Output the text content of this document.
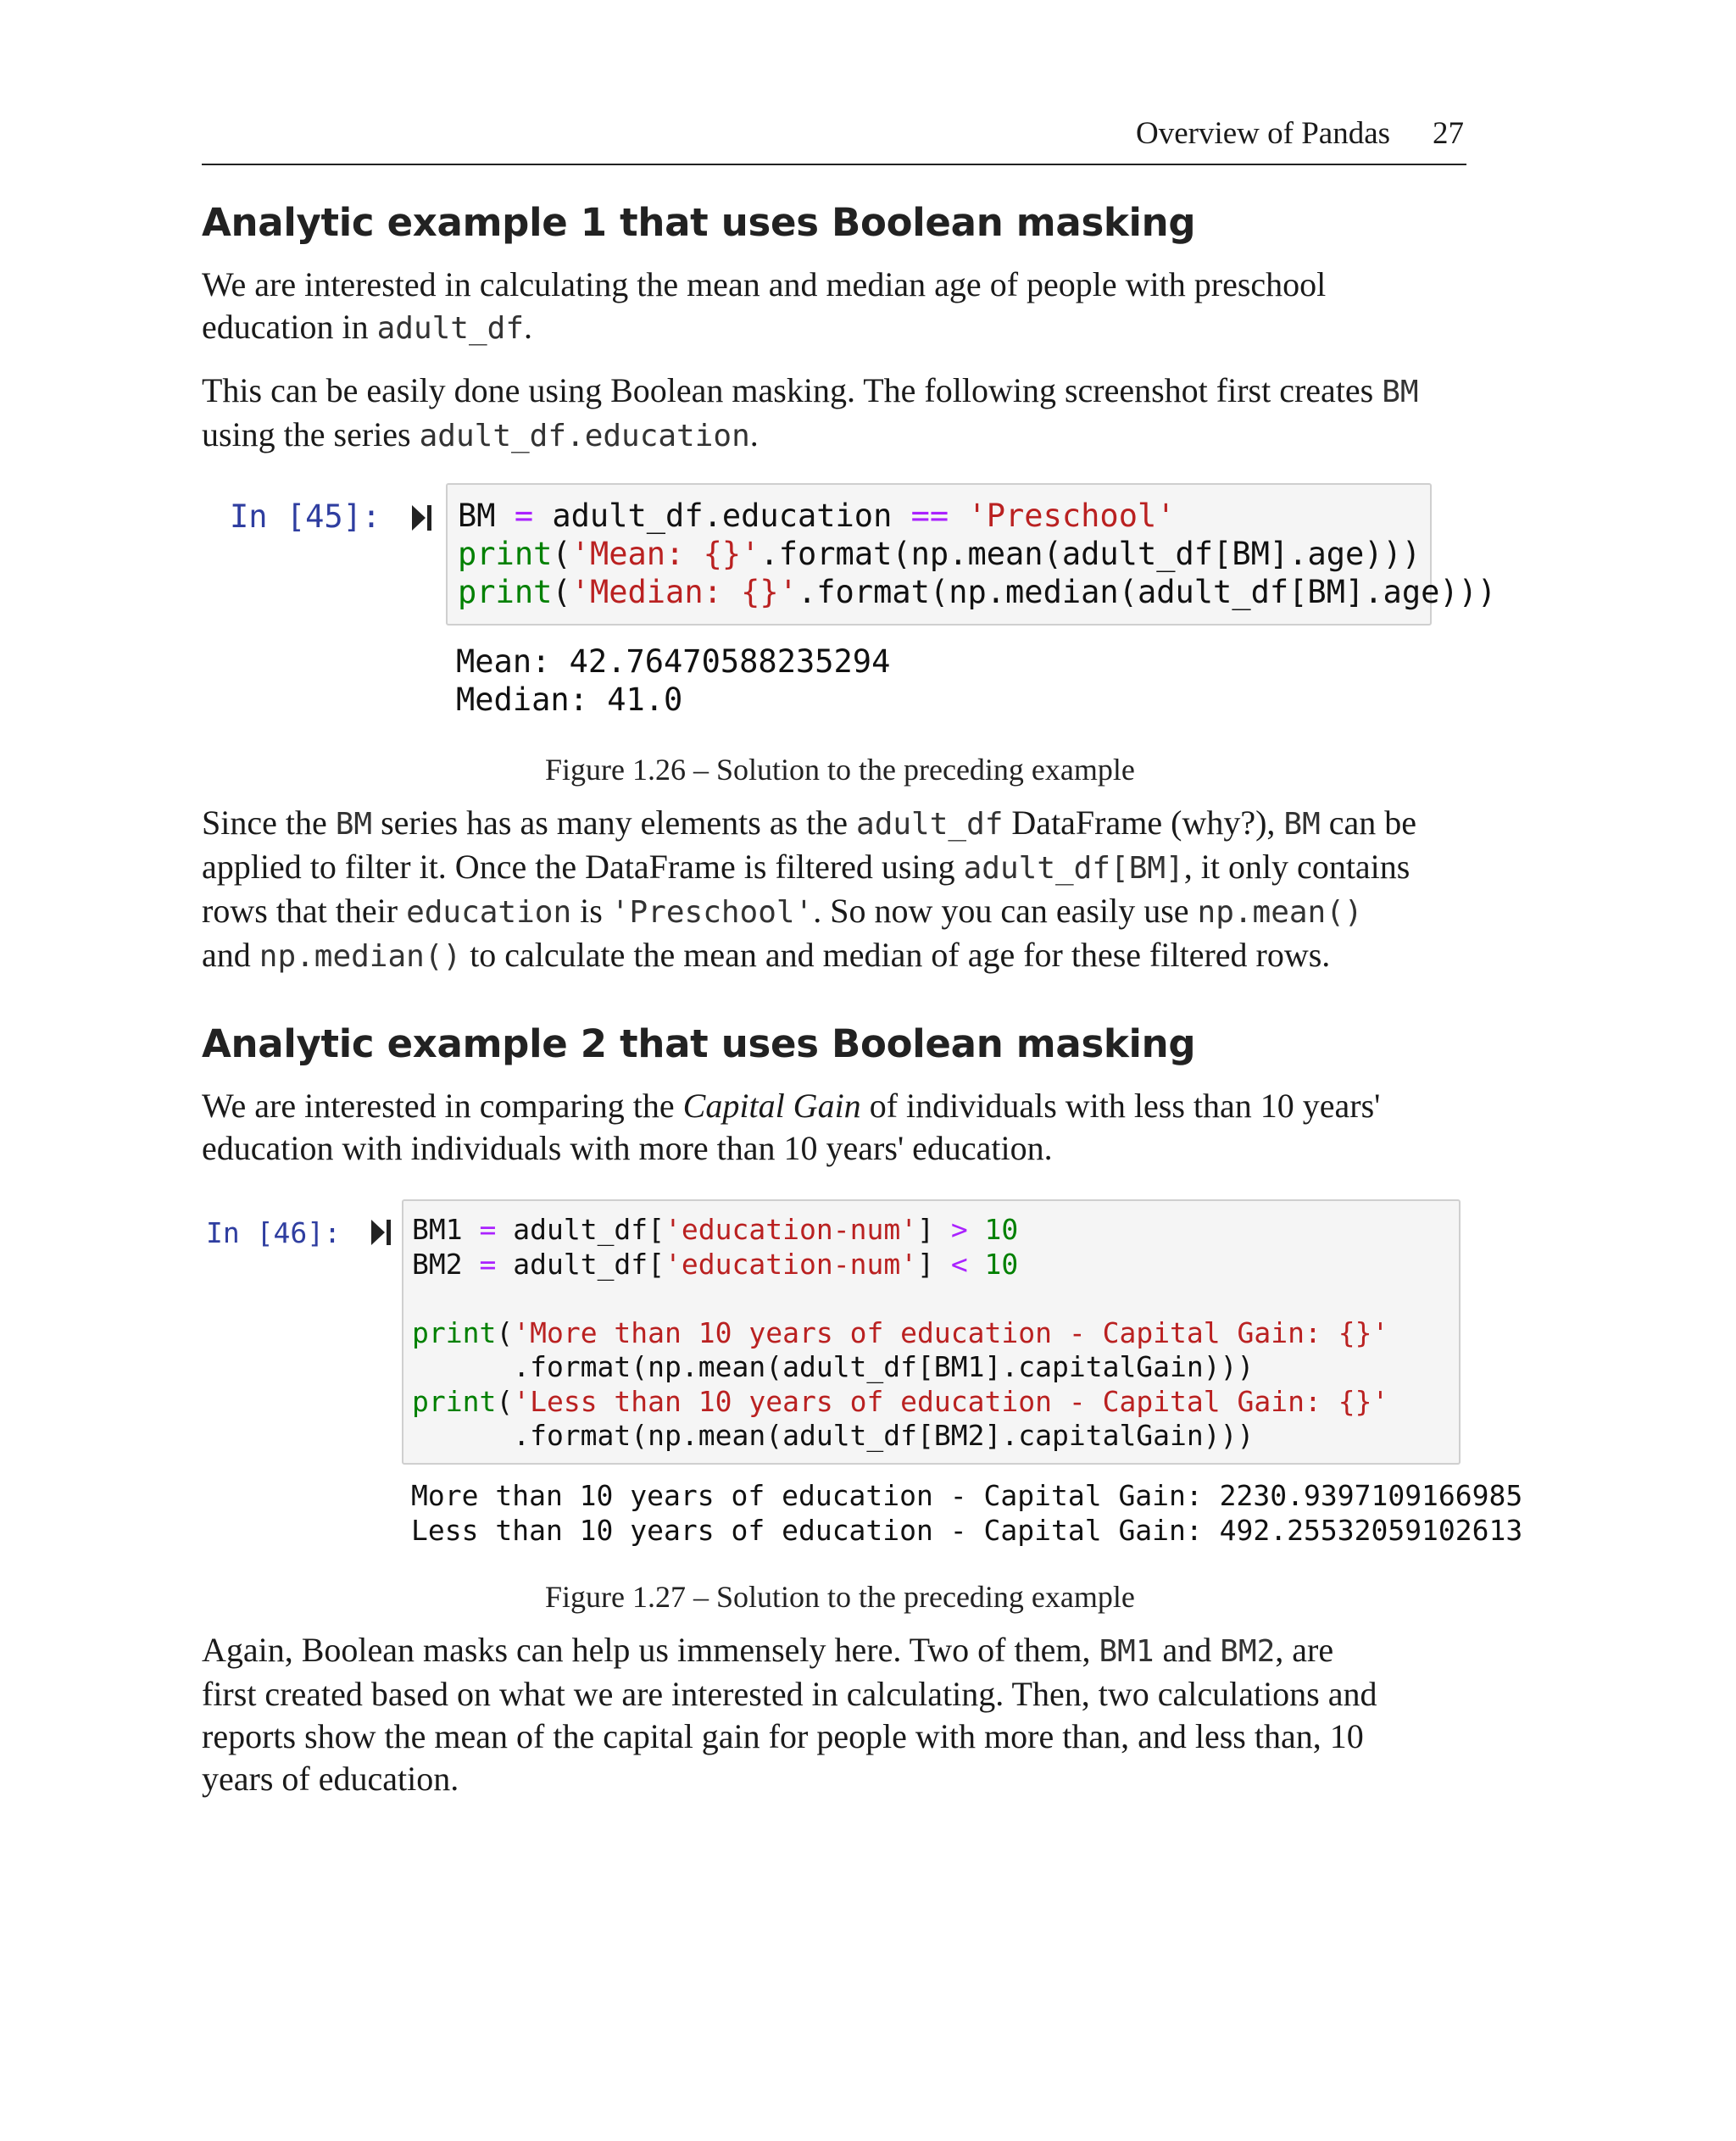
Overview of Pandas 27
Analytic example 1 that uses Boolean masking
We are interested in calculating the mean and median age of people with preschool
education in adult_df.
This can be easily done using Boolean masking. The following screenshot first creates BM
using the series adult_df.education.
In [45]: BM = adult_df.education == 'Preschool'
print('Mean: {}'.format(np.mean(adult_df[BM].age)))
print('Median: {}'.format(np.median(adult_df[BM].age)))
Mean: 42.76470588235294
Median: 41.0
Figure 1.26 – Solution to the preceding example
Since the BM series has as many elements as the adult_df DataFrame (why?), BM can be
applied to filter it. Once the DataFrame is filtered using adult_df[BM], it only contains
rows that their education is 'Preschool'. So now you can easily use np.mean()
and np.median() to calculate the mean and median of age for these filtered rows.
Analytic example 2 that uses Boolean masking
We are interested in comparing the Capital Gain of individuals with less than 10 years'
education with individuals with more than 10 years' education.
In [46]:	BM1 = adult_df['education-num'] > 10
BM2 = adult_df['education-num'] < 10

print('More than 10 years of education - Capital Gain: {}'
.format(np.mean(adult_df[BM1].capitalGain)))
print('Less than 10 years of education - Capital Gain: {}'
.format(np.mean(adult_df[BM2].capitalGain)))
More than 10 years of education - Capital Gain: 2230.9397109166985
Less than 10 years of education - Capital Gain: 492.25532059102613
Figure 1.27 – Solution to the preceding example
Again, Boolean masks can help us immensely here. Two of them, BM1 and BM2, are
first created based on what we are interested in calculating. Then, two calculations and
reports show the mean of the capital gain for people with more than, and less than, 10
years of education.
